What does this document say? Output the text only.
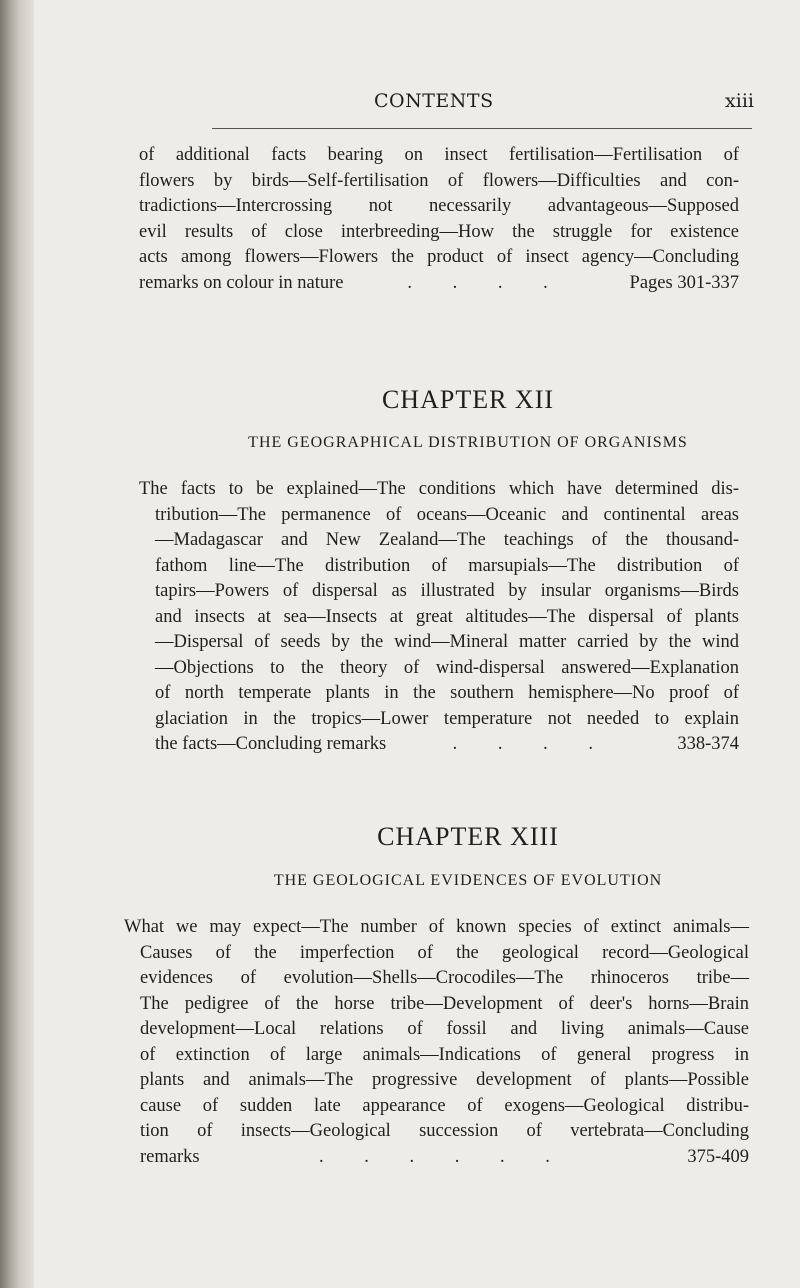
CONTENTS	xiii
of additional facts bearing on insect fertilisation—Fertilisation of
flowers by birds—Self-fertilisation of flowers—Difficulties and con-
tradictions—Intercrossing not necessarily advantageous—Supposed
evil results of close interbreeding—How the struggle for existence
acts among flowers—Flowers the product of insect agency—Concluding
remarks on colour in nature	. . . .	Pages 301-337
CHAPTER XII
THE GEOGRAPHICAL DISTRIBUTION OF ORGANISMS
The facts to be explained—The conditions which have determined dis-
tribution—The permanence of oceans—Oceanic and continental areas
—Madagascar and New Zealand—The teachings of the thousand-
fathom line—The distribution of marsupials—The distribution of
tapirs—Powers of dispersal as illustrated by insular organisms—Birds
and insects at sea—Insects at great altitudes—The dispersal of plants
—Dispersal of seeds by the wind—Mineral matter carried by the wind
—Objections to the theory of wind-dispersal answered—Explanation
of north temperate plants in the southern hemisphere—No proof of
glaciation in the tropics—Lower temperature not needed to explain
the facts—Concluding remarks	. . . .	338-374
CHAPTER XIII
THE GEOLOGICAL EVIDENCES OF EVOLUTION
What we may expect—The number of known species of extinct animals—
Causes of the imperfection of the geological record—Geological
evidences of evolution—Shells—Crocodiles—The rhinoceros tribe—
The pedigree of the horse tribe—Development of deer's horns—Brain
development—Local relations of fossil and living animals—Cause
of extinction of large animals—Indications of general progress in
plants and animals—The progressive development of plants—Possible
cause of sudden late appearance of exogens—Geological distribu-
tion of insects—Geological succession of vertebrata—Concluding
remarks	. . . . . .	375-409
